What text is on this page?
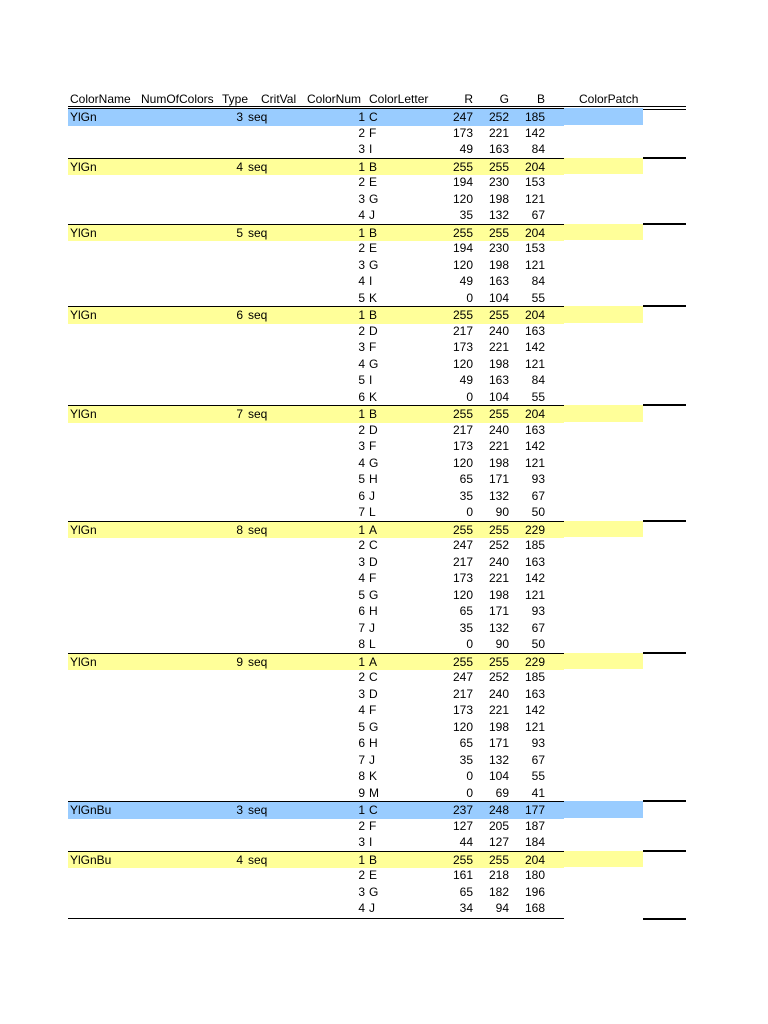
ColorName NumOfColors Type CritVal ColorNum ColorLetter	R	G	B	ColorPatch
YlGn	3 seq	1 C	247	252	185
2 F	173	221	142
3 I	49	163	84
YlGn	4 seq	1 B	255	255	204
2 E	194	230	153
3 G	120	198	121
4 J	35	132	67
YlGn	5 seq	1 B	255	255	204
2 E	194	230	153
3 G	120	198	121
4 I	49	163	84
5 K	0	104	55
YlGn	6 seq	1 B	255	255	204
2 D	217	240	163
3 F	173	221	142
4 G	120	198	121
5 I	49	163	84
6 K	0	104	55
YlGn	7 seq	1 B	255	255	204
2 D	217	240	163
3 F	173	221	142
4 G	120	198	121
5 H	65	171	93
6 J	35	132	67
7 L	0	90	50
YlGn	8 seq	1 A	255	255	229
2 C	247	252	185
3 D	217	240	163
4 F	173	221	142
5 G	120	198	121
6 H	65	171	93
7 J	35	132	67
8 L	0	90	50
YlGn	9 seq	1 A	255	255	229
2 C	247	252	185
3 D	217	240	163
4 F	173	221	142
5 G	120	198	121
6 H	65	171	93
7 J	35	132	67
8 K	0	104	55
9 M	0	69	41
YlGnBu	3 seq	1 C	237	248	177
2 F	127	205	187
3 I	44	127	184
YlGnBu	4 seq	1 B	255	255	204
2 E	161	218	180
3 G	65	182	196
4 J	34	94	168
